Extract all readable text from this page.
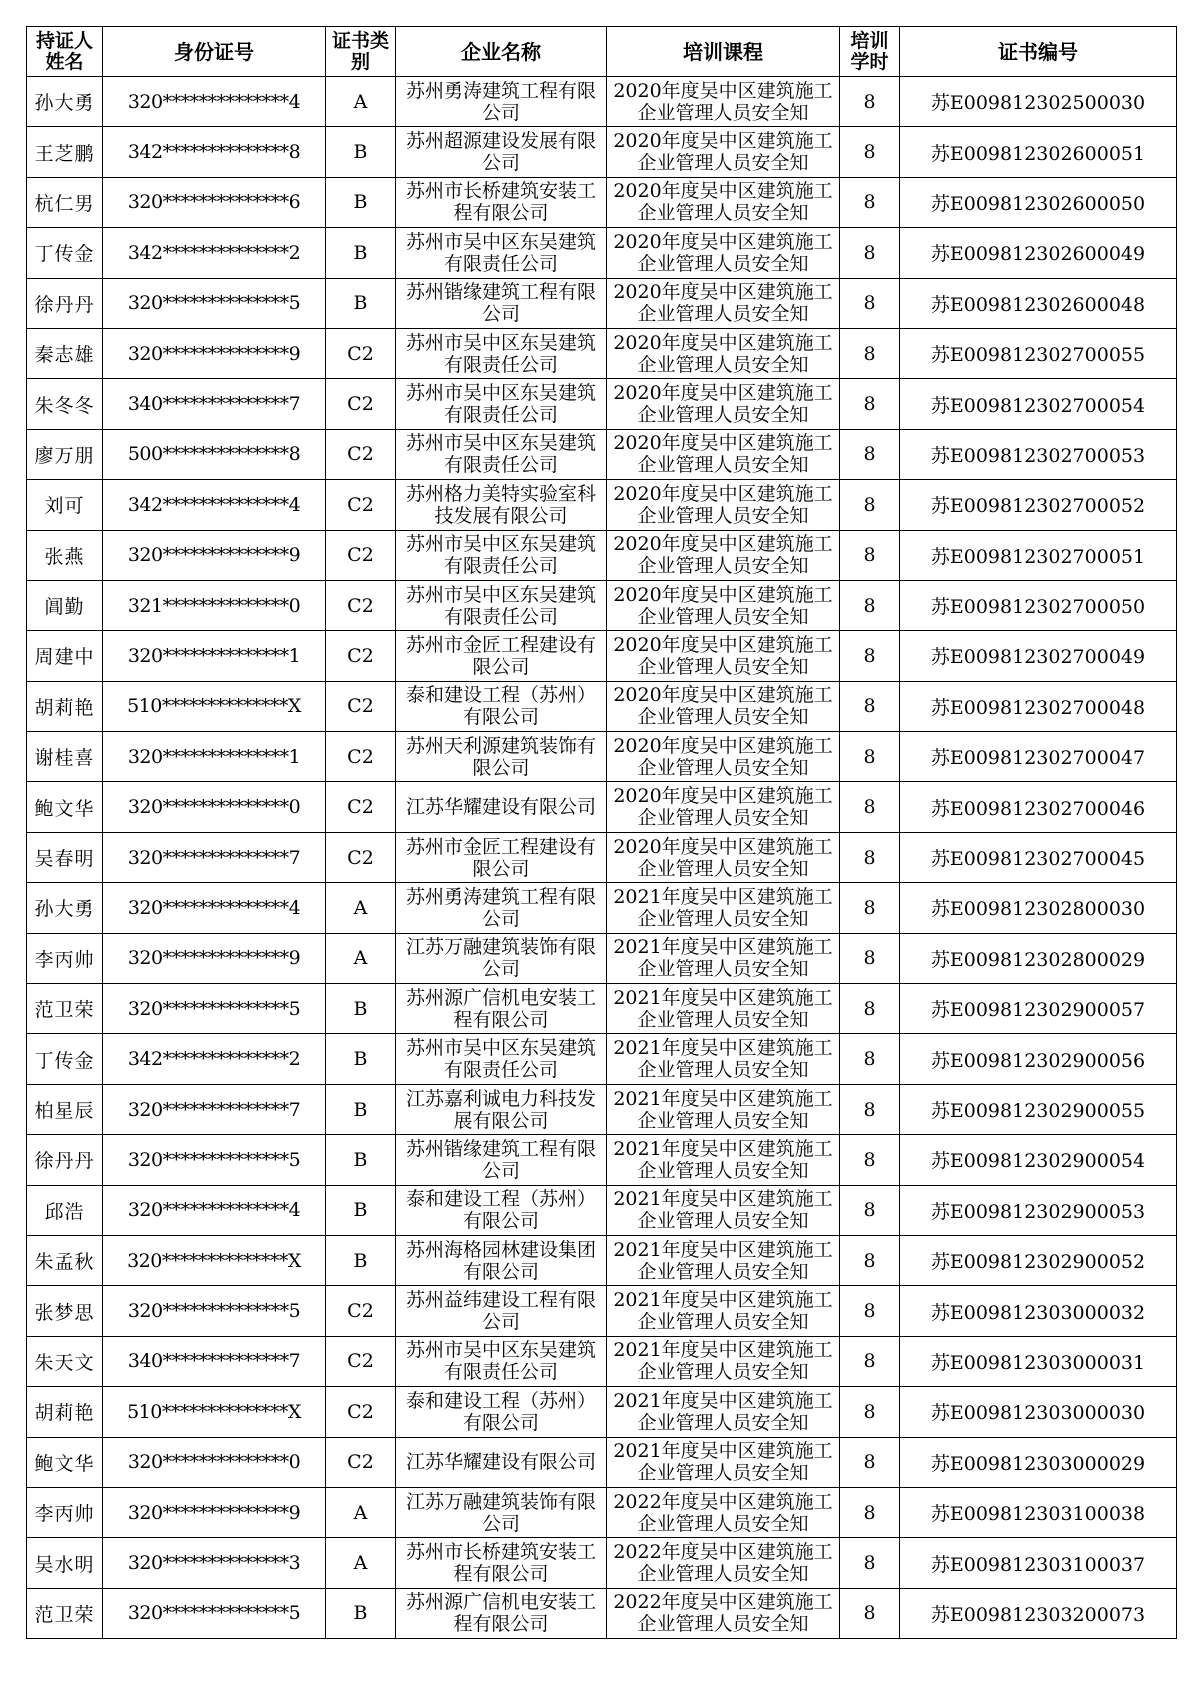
持证人姓名	身份证号	证书类别	企业名称	培训课程	培训学时	证书编号
孙大勇	320**************4	A	苏州勇涛建筑工程有限公司	2020年度吴中区建筑施工企业管理人员安全知	8	苏E009812302500030
王芝鹏	342**************8	B	苏州超源建设发展有限公司	2020年度吴中区建筑施工企业管理人员安全知	8	苏E009812302600051
杭仁男	320**************6	B	苏州市长桥建筑安装工程有限公司	2020年度吴中区建筑施工企业管理人员安全知	8	苏E009812302600050
丁传金	342**************2	B	苏州市吴中区东吴建筑有限责任公司	2020年度吴中区建筑施工企业管理人员安全知	8	苏E009812302600049
徐丹丹	320**************5	B	苏州锴缘建筑工程有限公司	2020年度吴中区建筑施工企业管理人员安全知	8	苏E009812302600048
秦志雄	320**************9	C2	苏州市吴中区东吴建筑有限责任公司	2020年度吴中区建筑施工企业管理人员安全知	8	苏E009812302700055
朱冬冬	340**************7	C2	苏州市吴中区东吴建筑有限责任公司	2020年度吴中区建筑施工企业管理人员安全知	8	苏E009812302700054
廖万朋	500**************8	C2	苏州市吴中区东吴建筑有限责任公司	2020年度吴中区建筑施工企业管理人员安全知	8	苏E009812302700053
刘可	342**************4	C2	苏州格力美特实验室科技发展有限公司	2020年度吴中区建筑施工企业管理人员安全知	8	苏E009812302700052
张燕	320**************9	C2	苏州市吴中区东吴建筑有限责任公司	2020年度吴中区建筑施工企业管理人员安全知	8	苏E009812302700051
阊勤	321**************0	C2	苏州市吴中区东吴建筑有限责任公司	2020年度吴中区建筑施工企业管理人员安全知	8	苏E009812302700050
周建中	320**************1	C2	苏州市金匠工程建设有限公司	2020年度吴中区建筑施工企业管理人员安全知	8	苏E009812302700049
胡莉艳	510**************X	C2	泰和建设工程（苏州）有限公司	2020年度吴中区建筑施工企业管理人员安全知	8	苏E009812302700048
谢桂喜	320**************1	C2	苏州天利源建筑装饰有限公司	2020年度吴中区建筑施工企业管理人员安全知	8	苏E009812302700047
鲍文华	320**************0	C2	江苏华耀建设有限公司	2020年度吴中区建筑施工企业管理人员安全知	8	苏E009812302700046
吴春明	320**************7	C2	苏州市金匠工程建设有限公司	2020年度吴中区建筑施工企业管理人员安全知	8	苏E009812302700045
孙大勇	320**************4	A	苏州勇涛建筑工程有限公司	2021年度吴中区建筑施工企业管理人员安全知	8	苏E009812302800030
李丙帅	320**************9	A	江苏万融建筑装饰有限公司	2021年度吴中区建筑施工企业管理人员安全知	8	苏E009812302800029
范卫荣	320**************5	B	苏州源广信机电安装工程有限公司	2021年度吴中区建筑施工企业管理人员安全知	8	苏E009812302900057
丁传金	342**************2	B	苏州市吴中区东吴建筑有限责任公司	2021年度吴中区建筑施工企业管理人员安全知	8	苏E009812302900056
柏星辰	320**************7	B	江苏嘉利诚电力科技发展有限公司	2021年度吴中区建筑施工企业管理人员安全知	8	苏E009812302900055
徐丹丹	320**************5	B	苏州锴缘建筑工程有限公司	2021年度吴中区建筑施工企业管理人员安全知	8	苏E009812302900054
邱浩	320**************4	B	泰和建设工程（苏州）有限公司	2021年度吴中区建筑施工企业管理人员安全知	8	苏E009812302900053
朱孟秋	320**************X	B	苏州海格园林建设集团有限公司	2021年度吴中区建筑施工企业管理人员安全知	8	苏E009812302900052
张梦思	320**************5	C2	苏州益纬建设工程有限公司	2021年度吴中区建筑施工企业管理人员安全知	8	苏E009812303000032
朱天文	340**************7	C2	苏州市吴中区东吴建筑有限责任公司	2021年度吴中区建筑施工企业管理人员安全知	8	苏E009812303000031
胡莉艳	510**************X	C2	泰和建设工程（苏州）有限公司	2021年度吴中区建筑施工企业管理人员安全知	8	苏E009812303000030
鲍文华	320**************0	C2	江苏华耀建设有限公司	2021年度吴中区建筑施工企业管理人员安全知	8	苏E009812303000029
李丙帅	320**************9	A	江苏万融建筑装饰有限公司	2022年度吴中区建筑施工企业管理人员安全知	8	苏E009812303100038
吴水明	320**************3	A	苏州市长桥建筑安装工程有限公司	2022年度吴中区建筑施工企业管理人员安全知	8	苏E009812303100037
范卫荣	320**************5	B	苏州源广信机电安装工程有限公司	2022年度吴中区建筑施工企业管理人员安全知	8	苏E009812303200073
